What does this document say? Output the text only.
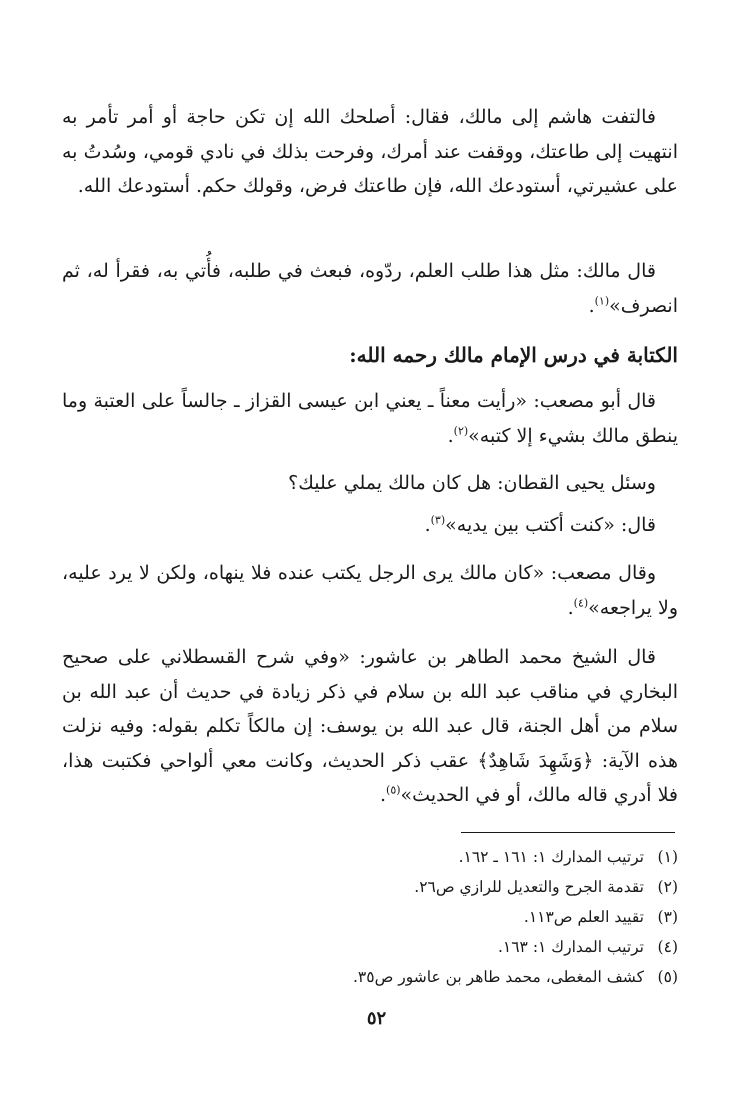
فالتفت هاشم إلى مالك، فقال: أصلحك الله إن تكن حاجة أو أمر تأمر به انتهيت إلى طاعتك، ووقفت عند أمرك، وفرحت بذلك في نادي قومي، وسُدتُ به على عشيرتي، أستودعك الله، فإن طاعتك فرض، وقولك حكم. أستودعك الله.
قال مالك: مثل هذا طلب العلم، ردّوه، فبعث في طلبه، فأُتي به، فقرأ له، ثم انصرف»$^{(١)}$.
الكتابة في درس الإمام مالك رحمه الله:
قال أبو مصعب: «رأيت معناً ـ يعني ابن عيسى القزاز ـ جالساً على العتبة وما ينطق مالك بشيء إلا كتبه»$^{(٢)}$.
وسئل يحيى القطان: هل كان مالك يملي عليك؟
قال: «كنت أكتب بين يديه»$^{(٣)}$.
وقال مصعب: «كان مالك يرى الرجل يكتب عنده فلا ينهاه، ولكن لا يرد عليه، ولا يراجعه»$^{(٤)}$.
قال الشيخ محمد الطاهر بن عاشور: «وفي شرح القسطلاني على صحيح البخاري في مناقب عبد الله بن سلام في ذكر زيادة في حديث أن عبد الله بن سلام من أهل الجنة، قال عبد الله بن يوسف: إن مالكاً تكلم بقوله: وفيه نزلت هذه الآية: ﴿وَشَهِدَ شَاهِدٌ﴾ عقب ذكر الحديث، وكانت معي ألواحي فكتبت هذا، فلا أدري قاله مالك، أو في الحديث»$^{(٥)}$.
(١)ترتيب المدارك ١: ١٦١ ـ ١٦٢.
(٢)تقدمة الجرح والتعديل للرازي ص٢٦.
(٣)تقييد العلم ص١١٣.
(٤)ترتيب المدارك ١: ١٦٣.
(٥)كشف المغطى، محمد طاهر بن عاشور ص٣٥.
٥٢
